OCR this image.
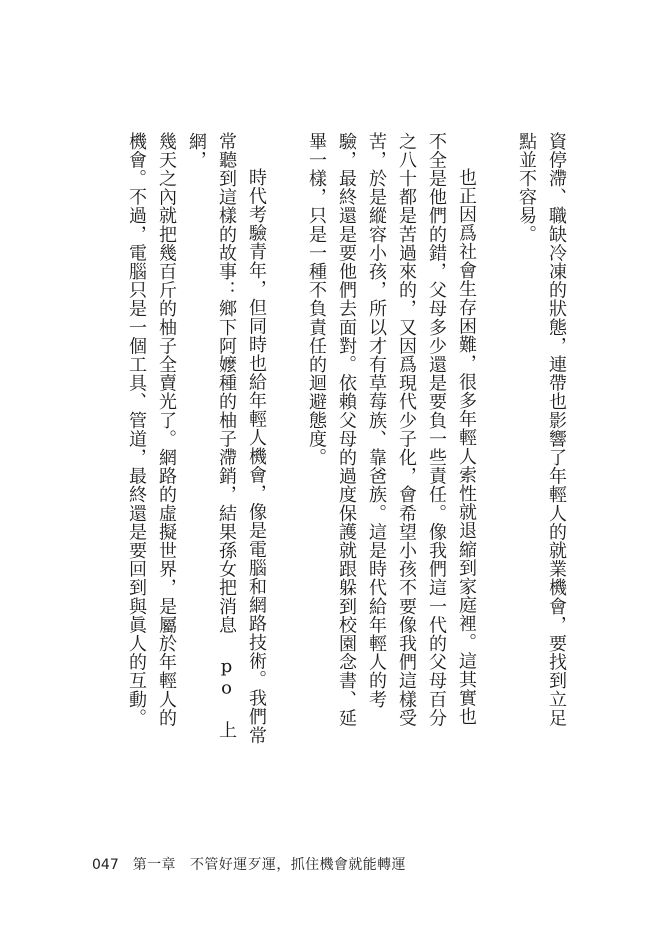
資停滯、職缺冷凍的狀態，連帶也影響了年輕人的就業機會，要找到立足
點並不容易。
也正因爲社會生存困難，很多年輕人索性就退縮到家庭裡。這其實也
不全是他們的錯，父母多少還是要負一些責任。像我們這一代的父母百分
之八十都是苦過來的，又因爲現代少子化，會希望小孩不要像我們這樣受
苦，於是縱容小孩，所以才有草莓族、靠爸族。這是時代給年輕人的考
驗，最終還是要他們去面對。依賴父母的過度保護就跟躲到校園念書、延
畢一樣，只是一種不負責任的迴避態度。
時代考驗青年，但同時也給年輕人機會，像是電腦和網路技術。我們常
常聽到這樣的故事：鄉下阿嬤種的柚子滯銷，結果孫女把消息 po 上網，
幾天之內就把幾百斤的柚子全賣光了。網路的虛擬世界，是屬於年輕人的
機會。不過，電腦只是一個工具、管道，最終還是要回到與眞人的互動。
047 第一章 不管好運歹運，抓住機會就能轉運
